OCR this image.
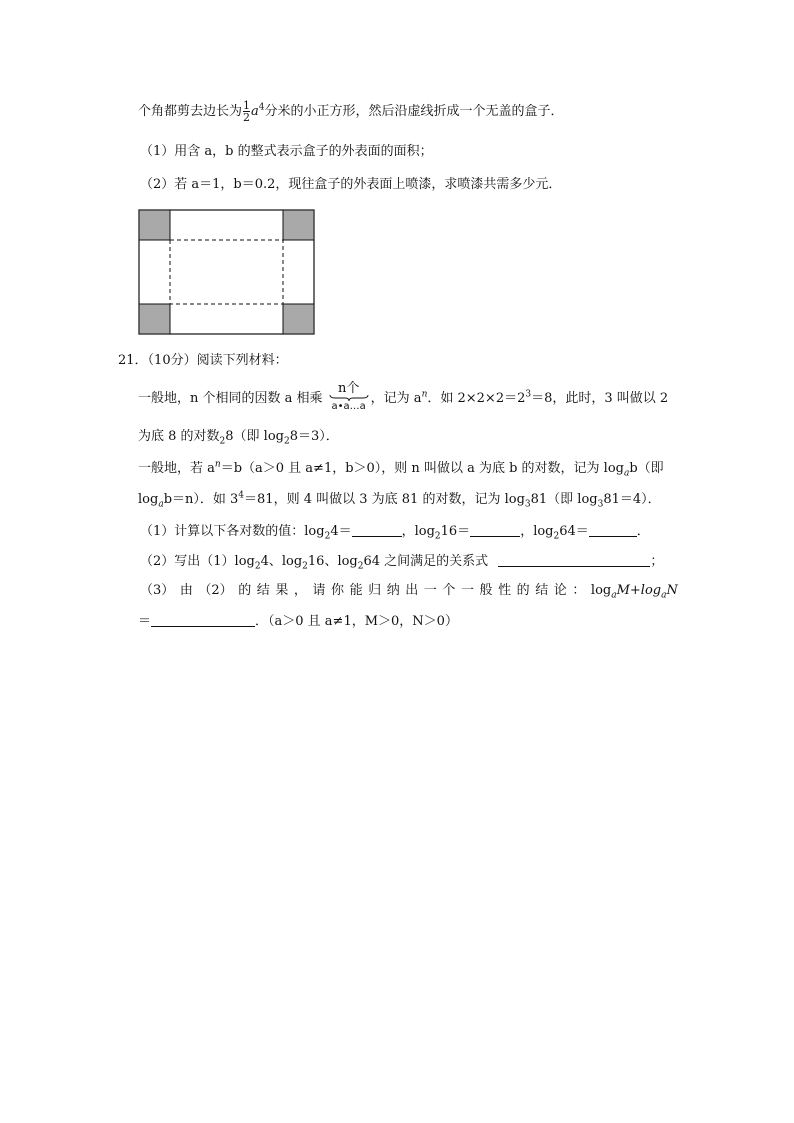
个角都剪去边长为 $\frac{1}{2} a^4$分米的小正方形，然后沿虚线折成一个无盖的盒子．
（1）用含 a，b 的整式表示盒子的外表面的面积；
（2）若 a＝1，b＝0.2，现往盒子的外表面上喷漆，求喷漆共需多少元．
21．（10分）阅读下列材料：
一般地，n 个相同的因数 a 相乘
n个
a•a…a
，记为 $a^n$．如 $2\times 2\times 2=2^3=8$，此时，3 叫做以 2
为底 8 的对数$_2$8（即 $\log_28=3$）．
一般地，若 $a^n=b(a>0$ 且 a≠1，b＞0），则 n 叫做以 a 为底 b 的对数，记为 $\log_ab$（即
$\log_ab=n$）．如 $3^4=81$，则 4 叫做以 3 为底 81 的对数，记为 $\log_381$（即 $\log_381=4$）．
（1）计算以下各对数的值：$\log_24=$	，$\log_216=$	，$\log_264=$	．
（2）写出$(1)\log_24$、$\log_216$、$\log_264$ 之间满足的关系式	；
（3） 由 （2） 的 结 果 ， 请 你 能 归 纳 出 一 个 一 般 性 的 结 论 ： $\log_aM+\log_aN$
＝	．（a＞0 且 a≠1，M＞0，N＞0）
